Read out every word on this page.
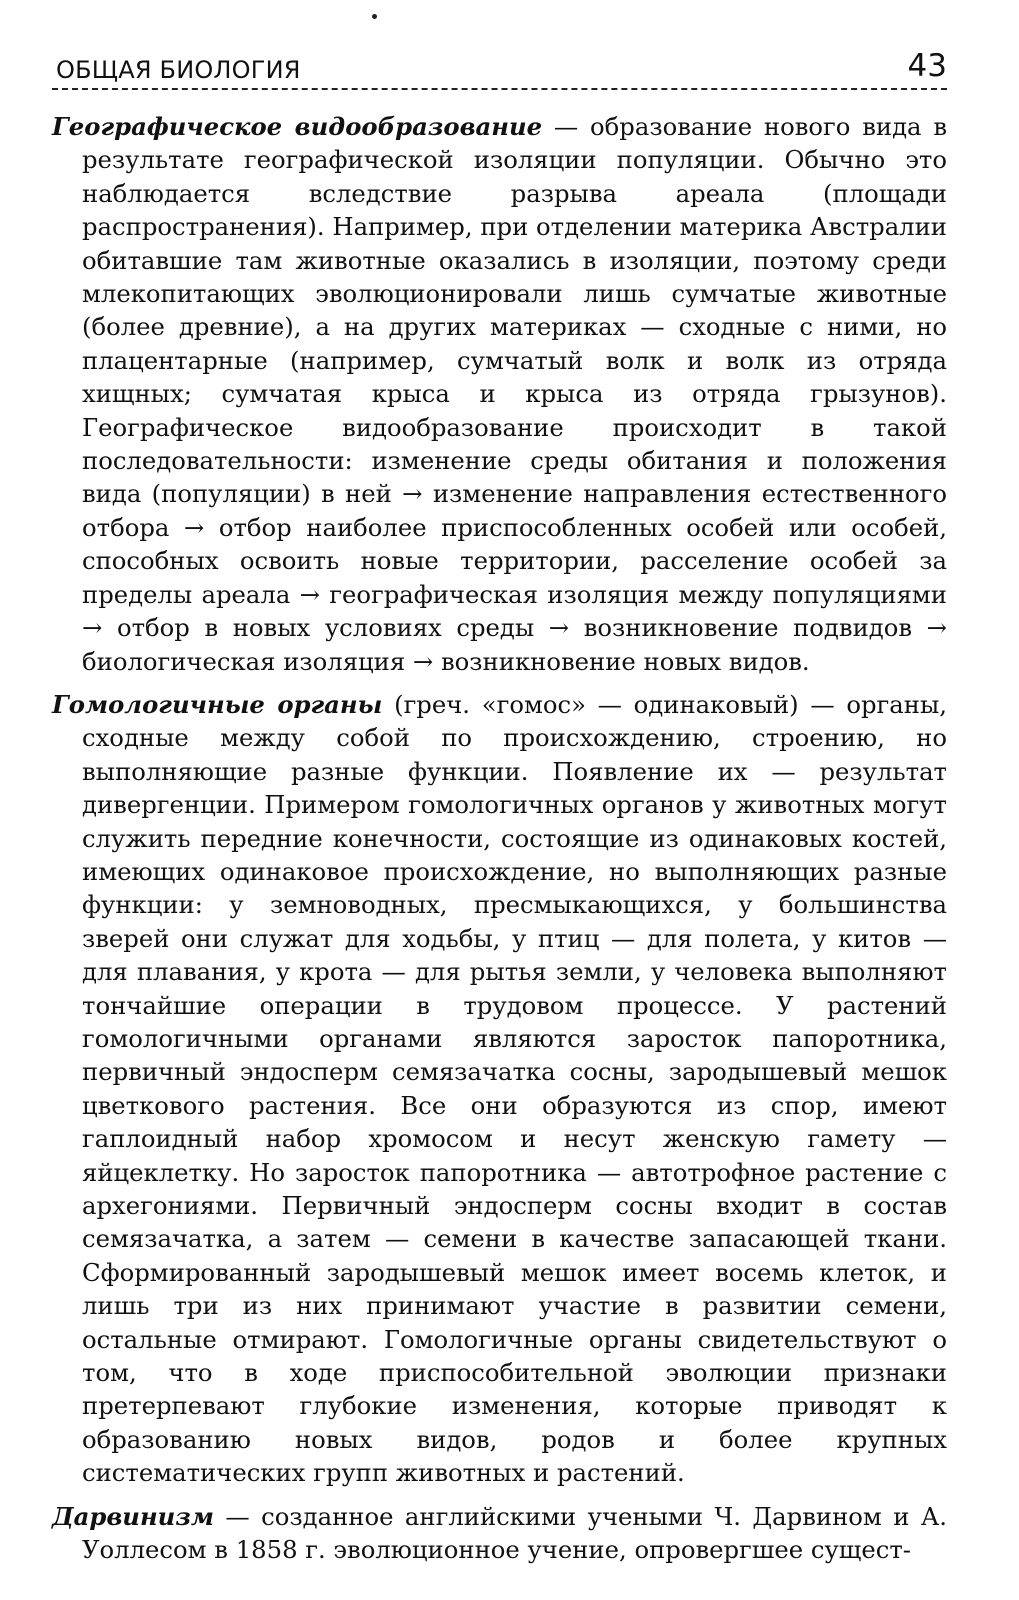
ОБЩАЯ БИОЛОГИЯ	43

Географическое видообразование — образование нового вида в результате географической изоляции популяции. Обычно это наблюдается вследствие разрыва ареала (площади распространения). Например, при отделении материка Австралии обитавшие там животные оказались в изоляции, поэтому среди млекопитающих эволюционировали лишь сумчатые животные (более древние), а на других материках — сходные с ними, но плацентарные (например, сумчатый волк и волк из отряда хищных; сумчатая крыса и крыса из отряда грызунов). Географическое видообразование происходит в такой последовательности: изменение среды обитания и положения вида (популяции) в ней → изменение направления естественного отбора → отбор наиболее приспособленных особей или особей, способных освоить новые территории, расселение особей за пределы ареала → географическая изоляция между популяциями → отбор в новых условиях среды → возникновение подвидов → биологическая изоляция → возникновение новых видов.

Гомологичные органы (греч. «гомос» — одинаковый) — органы, сходные между собой по происхождению, строению, но выполняющие разные функции. Появление их — результат дивергенции. Примером гомологичных органов у животных могут служить передние конечности, состоящие из одинаковых костей, имеющих одинаковое происхождение, но выполняющих разные функции: у земноводных, пресмыкающихся, у большинства зверей они служат для ходьбы, у птиц — для полета, у китов — для плавания, у крота — для рытья земли, у человека выполняют тончайшие операции в трудовом процессе. У растений гомологичными органами являются заросток папоротника, первичный эндосперм семязачатка сосны, зародышевый мешок цветкового растения. Все они образуются из спор, имеют гаплоидный набор хромосом и несут женскую гамету — яйцеклетку. Но заросток папоротника — автотрофное растение с архегониями. Первичный эндосперм сосны входит в состав семязачатка, а затем — семени в качестве запасающей ткани. Сформированный зародышевый мешок имеет восемь клеток, и лишь три из них принимают участие в развитии семени, остальные отмирают. Гомологичные органы свидетельствуют о том, что в ходе приспособительной эволюции признаки претерпевают глубокие изменения, которые приводят к образованию новых видов, родов и более крупных систематических групп животных и растений.

Дарвинизм — созданное английскими учеными Ч. Дарвином и А. Уоллесом в 1858 г. эволюционное учение, опровергшее сущест-
